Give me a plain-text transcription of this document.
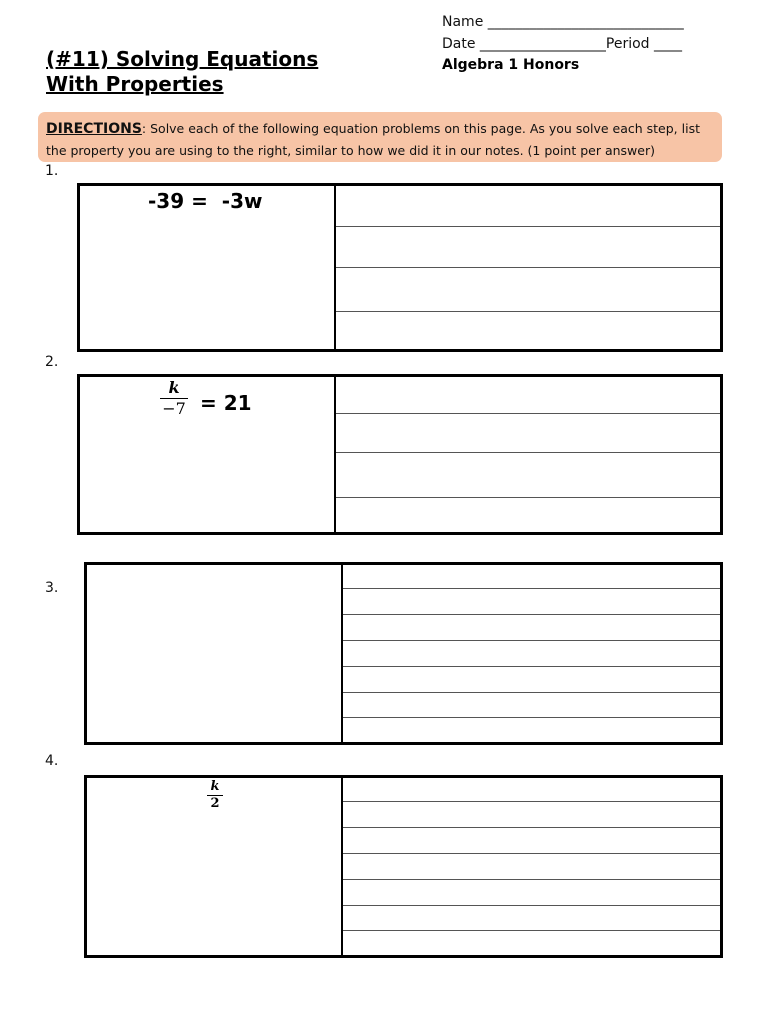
Name ____________________________
Date __________________Period ____
Algebra 1 Honors
(#11) Solving Equations
With Properties
DIRECTIONS: Solve each of the following equation problems on this page. As you solve each step, list the property you are using to the right, similar to how we did it in our notes. (1 point per answer)
1.
-39 =  -3w
2.
k
−7 = 21
3.
4.
k
2
